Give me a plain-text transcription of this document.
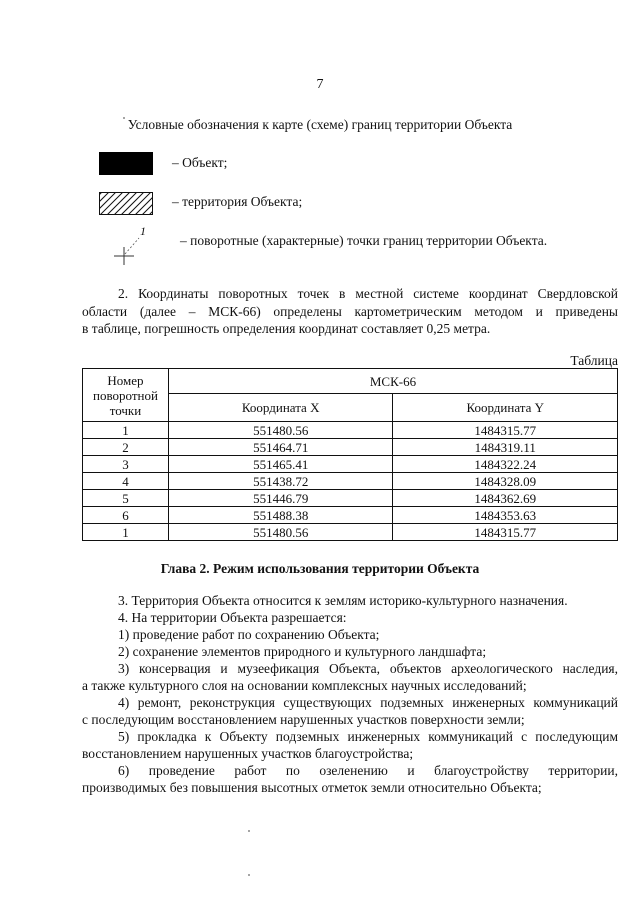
7
Условные обозначения к карте (схеме) границ территории Объекта
– Объект;
– территория Объекта;
1
– поворотные (характерные) точки границ территории Объекта.
2. Координаты поворотных точек в местной системе координат Свердловской
области (далее – МСК-66) определены картометрическим методом и приведены
в таблице, погрешность определения координат составляет 0,25 метра.
Таблица
Номер
поворотной
точки	МСК-66	
	Координата X	Координата Y
1	551480.56	1484315.77
2	551464.71	1484319.11
3	551465.41	1484322.24
4	551438.72	1484328.09
5	551446.79	1484362.69
6	551488.38	1484353.63
1	551480.56	1484315.77
Глава 2. Режим использования территории Объекта
3. Территория Объекта относится к землям историко-культурного назначения.
4. На территории Объекта разрешается:
1) проведение работ по сохранению Объекта;
2) сохранение элементов природного и культурного ландшафта;
3) консервация и музеефикация Объекта, объектов археологического наследия,
а также культурного слоя на основании комплексных научных исследований;
4) ремонт, реконструкция существующих подземных инженерных коммуникаций
с последующим восстановлением нарушенных участков поверхности земли;
5) прокладка к Объекту подземных инженерных коммуникаций с последующим
восстановлением нарушенных участков благоустройства;
6) проведение работ по озеленению и благоустройству территории,
производимых без повышения высотных отметок земли относительно Объекта;
